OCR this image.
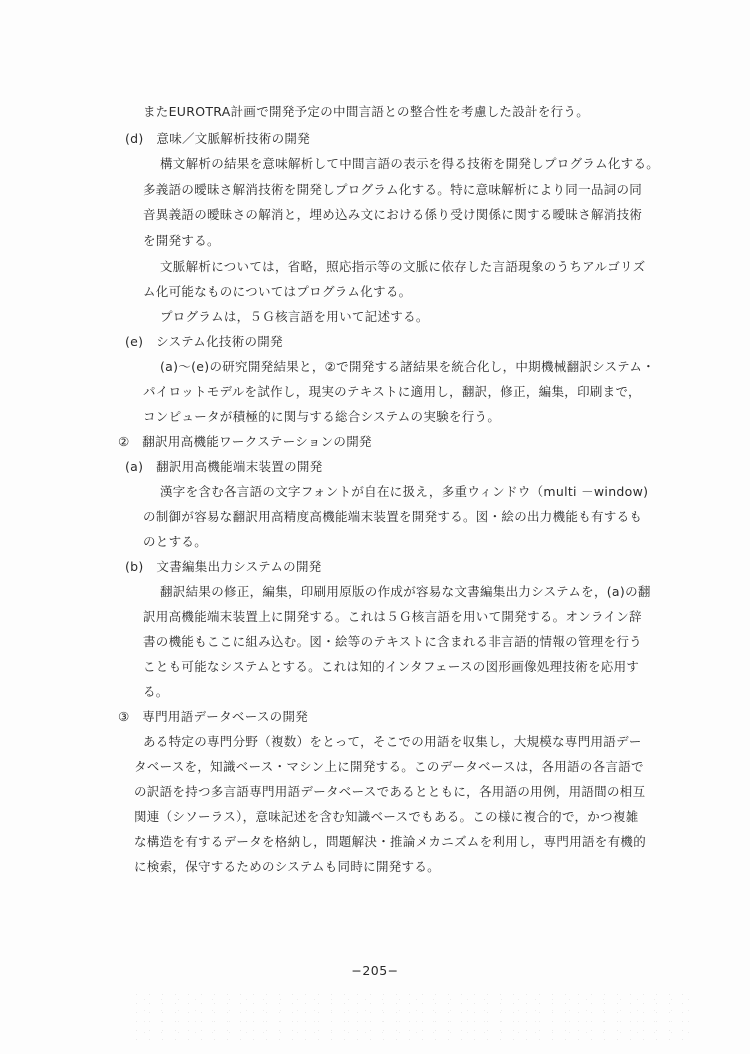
またEUROTRA計画で開発予定の中間言語との整合性を考慮した設計を行う。
(d)　意味／文脈解析技術の開発
構文解析の結果を意味解析して中間言語の表示を得る技術を開発しプログラム化する。
多義語の曖昧さ解消技術を開発しプログラム化する。特に意味解析により同一品詞の同
音異義語の曖昧さの解消と，埋め込み文における係り受け関係に関する曖昧さ解消技術
を開発する。
文脈解析については，省略，照応指示等の文脈に依存した言語現象のうちアルゴリズ
ム化可能なものについてはプログラム化する。
プログラムは，５Ｇ核言語を用いて記述する。
(e)　システム化技術の開発
(a)〜(e)の研究開発結果と，②で開発する諸結果を統合化し，中期機械翻訳システム・
パイロットモデルを試作し，現実のテキストに適用し，翻訳，修正，編集，印刷まで，
コンピュータが積極的に関与する総合システムの実験を行う。
②　翻訳用高機能ワークステーションの開発
(a)　翻訳用高機能端末装置の開発
漢字を含む各言語の文字フォントが自在に扱え，多重ウィンドウ（multi －window)
の制御が容易な翻訳用高精度高機能端末装置を開発する。図・絵の出力機能も有するも
のとする。
(b)　文書編集出力システムの開発
翻訳結果の修正，編集，印刷用原版の作成が容易な文書編集出力システムを，(a)の翻
訳用高機能端末装置上に開発する。これは５Ｇ核言語を用いて開発する。オンライン辞
書の機能もここに組み込む。図・絵等のテキストに含まれる非言語的情報の管理を行う
ことも可能なシステムとする。これは知的インタフェースの図形画像処理技術を応用す
る。
③　専門用語データベースの開発
ある特定の専門分野（複数）をとって，そこでの用語を収集し，大規模な専門用語デー
タベースを，知識ベース・マシン上に開発する。このデータベースは，各用語の各言語で
の訳語を持つ多言語専門用語データベースであるとともに，各用語の用例，用語間の相互
関連（シソーラス），意味記述を含む知識ベースでもある。この様に複合的で，かつ複雑
な構造を有するデータを格納し，問題解決・推論メカニズムを利用し，専門用語を有機的
に検索，保守するためのシステムも同時に開発する。
−205−
